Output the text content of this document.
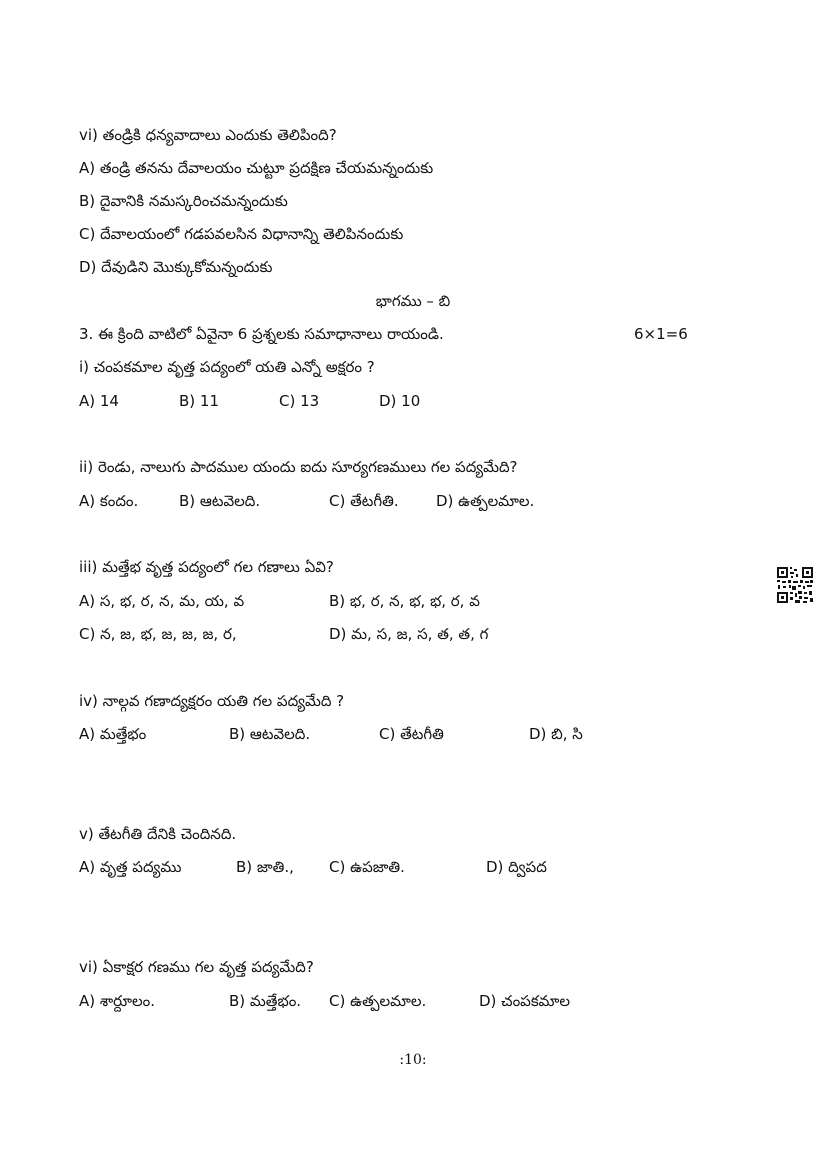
vi) తండ్రికి ధన్యవాదాలు ఎందుకు తెలిపింది?
A) తండ్రి తనను దేవాలయం చుట్టూ ప్రదక్షిణ చేయమన్నందుకు
B) దైవానికి నమస్కరించమన్నందుకు
C) దేవాలయంలో గడపవలసిన విధానాన్ని తెలిపినందుకు
D) దేవుడిని మొక్కుకోమన్నందుకు
భాగము – బి
3. ఈ క్రింది వాటిలో ఏవైనా 6 ప్రశ్నలకు సమాధానాలు రాయండి.	6×1=6
i) చంపకమాల వృత్త పద్యంలో యతి ఎన్నో అక్షరం ?
A) 14	B) 11	C) 13	D) 10
ii) రెండు, నాలుగు పాదముల యందు ఐదు సూర్యగణములు గల పద్యమేది?
A) కందం.	B) ఆటవెలది.	C) తేటగీతి. D) ఉత్పలమాల.
iii) మత్తేభ వృత్త పద్యంలో గల గణాలు ఏవి?
A) స, భ, ర, న, మ, య, వ	B) భ, ర, న, భ, భ, ర, వ
C) న, జ, భ, జ, జ, జ, ర,	D) మ, స, జ, స, త, త, గ
iv) నాల్గవ గణాద్యక్షరం యతి గల పద్యమేది ?
A) మత్తేభం	B) ఆటవెలది.	C) తేటగీతి	D) బి, సి
v) తేటగీతి దేనికి చెందినది.
A) వృత్త పద్యము	B) జాతి., C) ఉపజాతి.	D) ద్విపద
vi) ఏకాక్షర గణము గల వృత్త పద్యమేది?
A) శార్దూలం.	B) మత్తేభం. C) ఉత్పలమాల.	D) చంపకమాల
:10:
